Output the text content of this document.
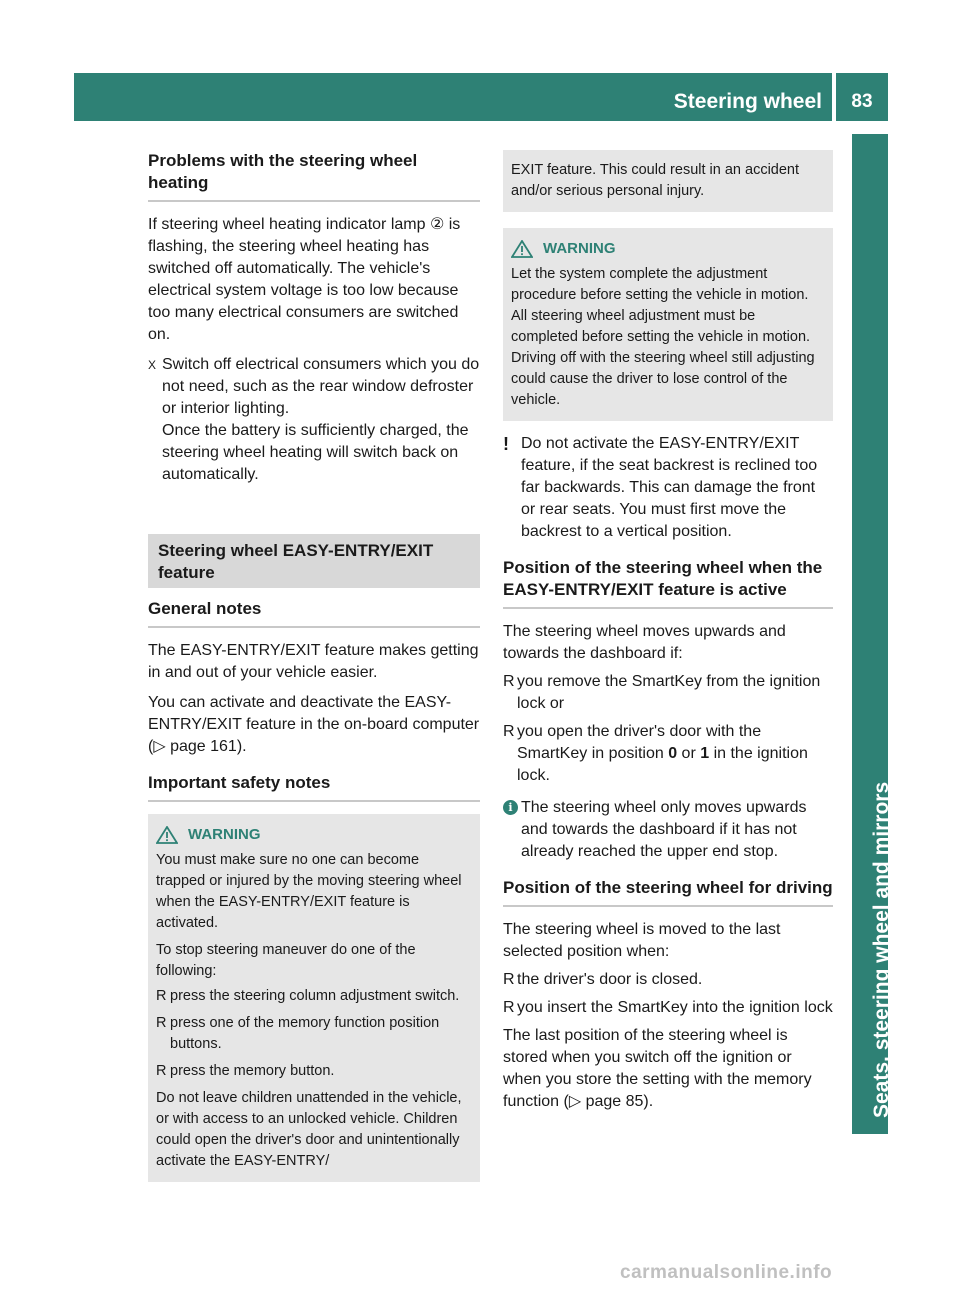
Steering wheel	83
Seats, steering wheel and mirrors
Problems with the steering wheel heating

If steering wheel heating indicator lamp ② is flashing, the steering wheel heating has switched off automatically. The vehicle's electrical system voltage is too low because too many electrical consumers are switched on.

X Switch off electrical consumers which you do not need, such as the rear window defroster or interior lighting.
Once the battery is sufficiently charged, the steering wheel heating will switch back on automatically.
Steering wheel EASY-ENTRY/EXIT feature
General notes

The EASY-ENTRY/EXIT feature makes getting in and out of your vehicle easier.

You can activate and deactivate the EASY-ENTRY/EXIT feature in the on-board computer (▷ page 161).

Important safety notes
WARNING

You must make sure no one can become trapped or injured by the moving steering wheel when the EASY-ENTRY/EXIT feature is activated.

To stop steering maneuver do one of the following:

R press the steering column adjustment switch.
R press one of the memory function position buttons.
R press the memory button.

Do not leave children unattended in the vehicle, or with access to an unlocked vehicle. Children could open the driver's door and unintentionally activate the EASY-ENTRY/

EXIT feature. This could result in an accident and/or serious personal injury.

WARNING

Let the system complete the adjustment procedure before setting the vehicle in motion. All steering wheel adjustment must be completed before setting the vehicle in motion. Driving off with the steering wheel still adjusting could cause the driver to lose control of the vehicle.

! Do not activate the EASY-ENTRY/EXIT feature, if the seat backrest is reclined too far backwards. This can damage the front or rear seats. You must first move the backrest to a vertical position.
Position of the steering wheel when the EASY-ENTRY/EXIT feature is active

The steering wheel moves upwards and towards the dashboard if:

R you remove the SmartKey from the ignition lock or
R you open the driver's door with the SmartKey in position 0 or 1 in the ignition lock.
i The steering wheel only moves upwards and towards the dashboard if it has not already reached the upper end stop.
Position of the steering wheel for driving

The steering wheel is moved to the last selected position when:

R the driver's door is closed.
R you insert the SmartKey into the ignition lock

The last position of the steering wheel is stored when you switch off the ignition or when you store the setting with the memory function (▷ page 85).

carmanualsonline.info
